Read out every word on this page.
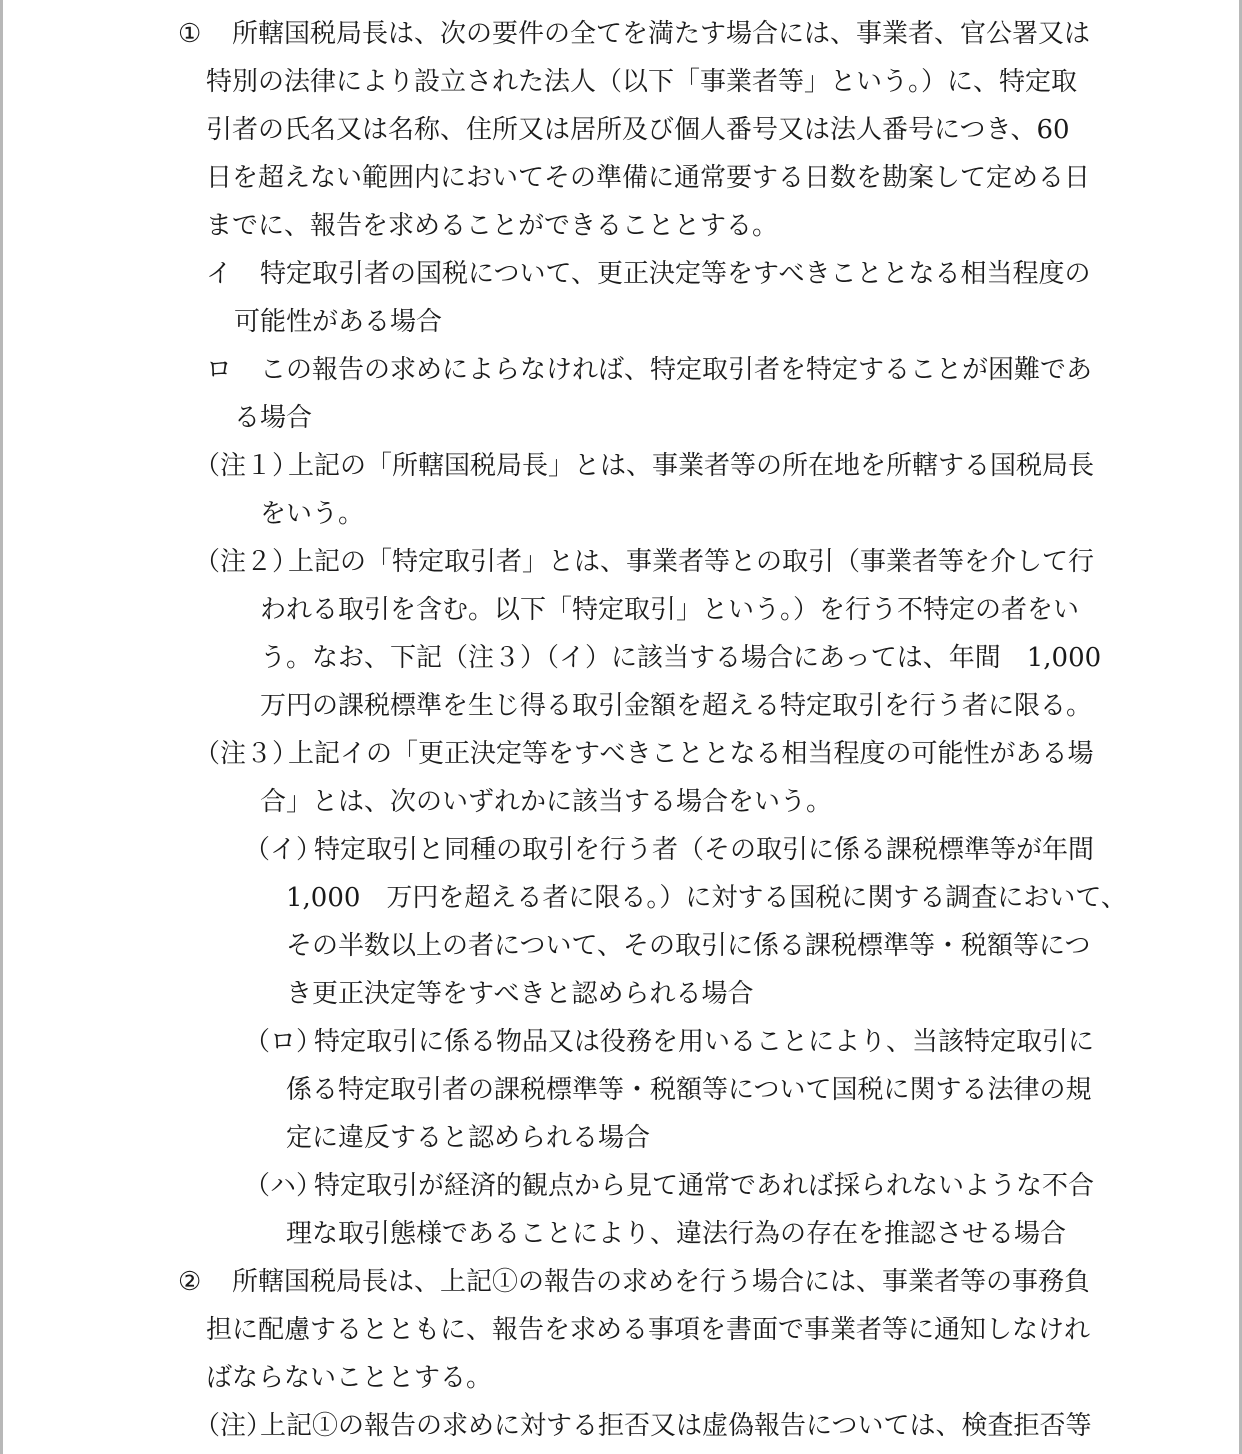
① 所轄国税局長は、次の要件の全てを満たす場合には、事業者、官公署又は
特別の法律により設立された法人（以下「事業者等」という。）に、特定取
引者の氏名又は名称、住所又は居所及び個人番号又は法人番号につき、60
日を超えない範囲内においてその準備に通常要する日数を勘案して定める日
までに、報告を求めることができることとする。
イ 特定取引者の国税について、更正決定等をすべきこととなる相当程度の
可能性がある場合
ロ この報告の求めによらなければ、特定取引者を特定することが困難であ
る場合
（注１）
上記の「所轄国税局長」とは、事業者等の所在地を所轄する国税局長
をいう。
（注２）
上記の「特定取引者」とは、事業者等との取引（事業者等を介して行
われる取引を含む。以下「特定取引」という。）を行う不特定の者をい
う。なお、下記（注３）（イ）に該当する場合にあっては、年間　1,000
万円の課税標準を生じ得る取引金額を超える特定取引を行う者に限る。
（注３）
上記イの「更正決定等をすべきこととなる相当程度の可能性がある場
合」とは、次のいずれかに該当する場合をいう。
（イ）
特定取引と同種の取引を行う者（その取引に係る課税標準等が年間
1,000　万円を超える者に限る。）に対する国税に関する調査において、
その半数以上の者について、その取引に係る課税標準等・税額等につ
き更正決定等をすべきと認められる場合
（ロ）
特定取引に係る物品又は役務を用いることにより、当該特定取引に
係る特定取引者の課税標準等・税額等について国税に関する法律の規
定に違反すると認められる場合
（ハ）
特定取引が経済的観点から見て通常であれば採られないような不合
理な取引態様であることにより、違法行為の存在を推認させる場合
② 所轄国税局長は、上記①の報告の求めを行う場合には、事業者等の事務負
担に配慮するとともに、報告を求める事項を書面で事業者等に通知しなけれ
ばならないこととする。
（注）
上記①の報告の求めに対する拒否又は虚偽報告については、検査拒否等
